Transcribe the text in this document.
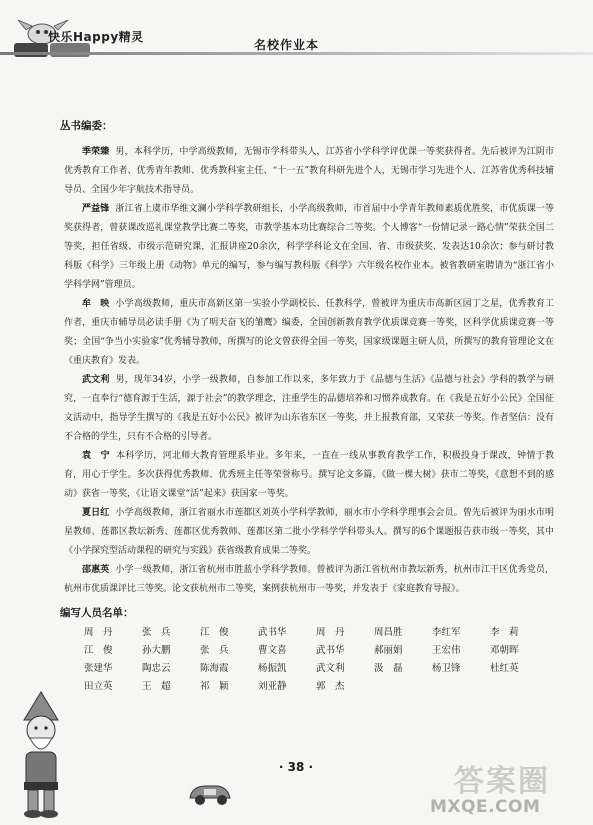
快乐Happy精灵
名校作业本
丛书编委：

季荣臻 男，本科学历，中学高级教师，无锡市学科带头人，江苏省小学科学评优课一等奖获得者。先后被评为江阴市优秀教育工作者、优秀青年教师、优秀教科室主任、“十一五”教育科研先进个人，无锡市学习先进个人、江苏省优秀科技辅导员、全国少年宇航技术指导员。

严益锋 浙江省上虞市华维文澜小学科学教研组长，小学高级教师，市首届中小学青年教师素质优胜奖，市优质课一等奖获得者，曾获课改巡礼课堂教学比赛二等奖，市教学基本功比赛综合二等奖。个人博客“一份情记录一路心情”荣获全国二等奖，担任省级、市级示范研究课，汇报讲座20余次，科学学科论文在全国、省、市级获奖、发表达10余次；参与研讨教科版《科学》三年级上册《动物》单元的编写，参与编写教科版《科学》六年级名校作业本。被省教研室聘请为“浙江省小学科学网”管理员。

牟　映 小学高级教师，重庆市高新区第一实验小学副校长、任教科学，曾被评为重庆市高新区园丁之星，优秀教育工作者，重庆市辅导员必读手册《为了明天奋飞的雏鹰》编委，全国创新教育教学优质课竞赛一等奖，区科学优质课竞赛一等奖；全国“争当小实验家”优秀辅导教师，所撰写的论文曾获得全国一等奖，国家级课题主研人员，所撰写的教育管理论文在《重庆教育》发表。

武文利 男，现年34岁，小学一级教师，自参加工作以来，多年致力于《品德与生活》《品德与社会》学科的教学与研究，一直奉行“德育源于生活，源于社会”的教学理念，注重学生的品德培养和习惯养成教育。在《我是五好小公民》全国征文活动中，指导学生撰写的《我是五好小公民》被评为山东省东区一等奖，并上报教育部，又荣获一等奖。作者坚信：没有不合格的学生，只有不合格的引导者。

袁　宁 本科学历，河北师大教育管理系毕业。多年来，一直在一线从事教育教学工作，积极投身于课改，钟情于教育，用心于学生。多次获得优秀教师、优秀班主任等荣誉称号。撰写论文多篇，《做一棵大树》获市二等奖，《意想不到的感动》获省一等奖，《让语文课堂“活”起来》获国家一等奖。

夏日红 小学高级教师，浙江省丽水市莲都区刘英小学科学教师，丽水市小学科学理事会会员。曾先后被评为丽水市明星教师、莲都区教坛新秀、莲都区优秀教师、莲都区第二批小学科学学科带头人。撰写的6个课题报告获市级一等奖，其中《小学探究型活动课程的研究与实践》获省级教育成果二等奖。

邵惠英 小学一级教师，浙江省杭州市胜蓝小学科学教师。曾被评为浙江省杭州市教坛新秀，杭州市江干区优秀党员，杭州市优质课评比三等奖。论文获杭州市二等奖，案例获杭州市一等奖，并发表于《家庭教育导报》。

编写人员名单：
周　丹	张　兵	江　俊	武书华	周　丹	周昌胜	李红军	李　莉
江　俊	孙大鹏	张　兵	曹文喜	武书华	郝丽娟	王宏伟	邓朝晖
张建华	陶忠云	陈海霞	杨振凯	武文利	汲　磊	杨卫锋	杜红英
田立英	王　超	祁　颖	刘亚静	郭　杰
· 38 ·	答案圈
MXQE.COM
